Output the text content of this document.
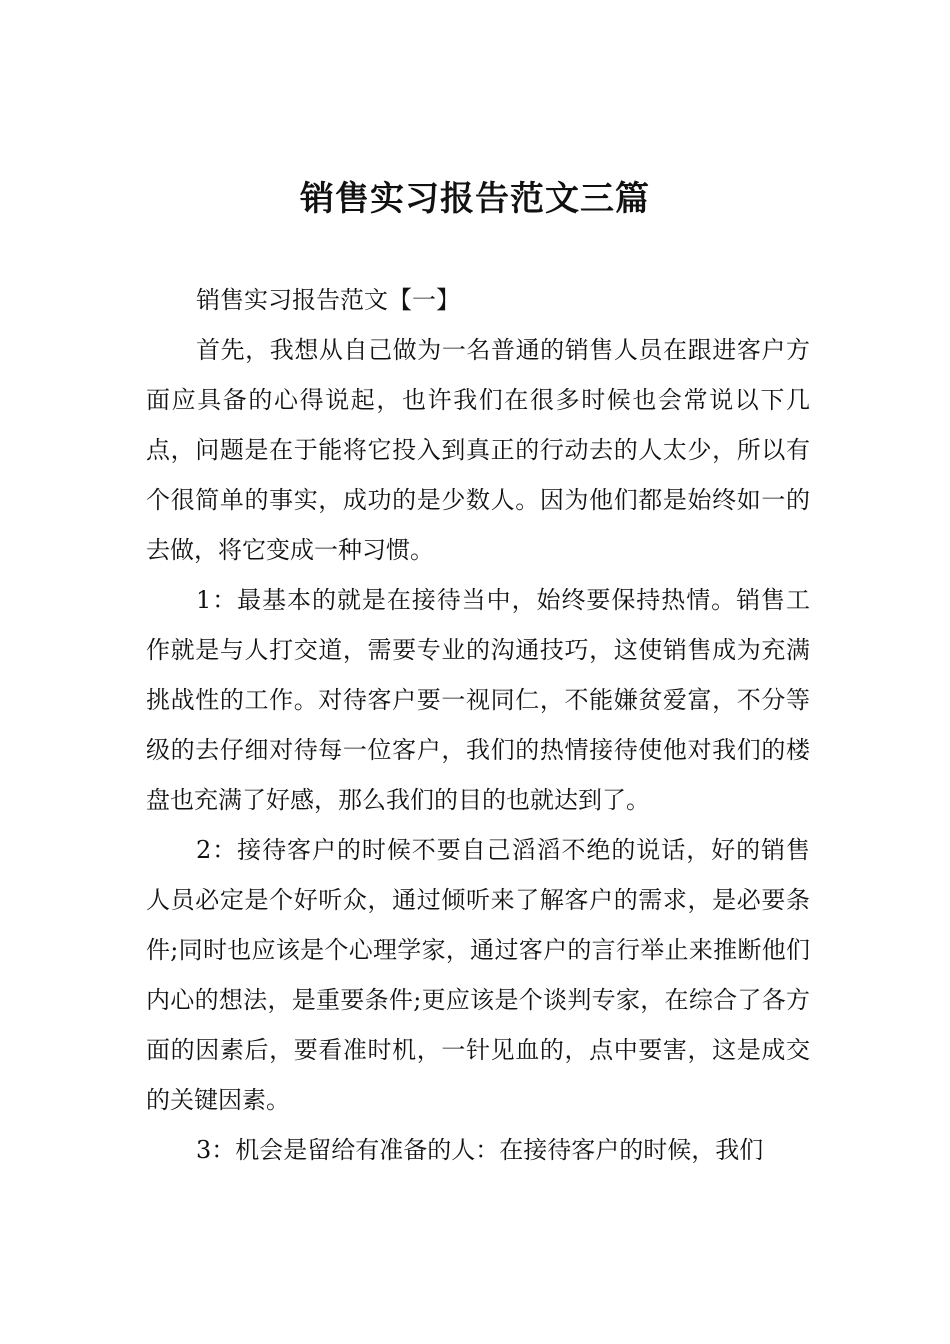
销售实习报告范文三篇

销售实习报告范文【一】

首先，我想从自己做为一名普通的销售人员在跟进客户方面应具备的心得说起，也许我们在很多时候也会常说以下几点，问题是在于能将它投入到真正的行动去的人太少，所以有个很简单的事实，成功的是少数人。因为他们都是始终如一的去做，将它变成一种习惯。

1：最基本的就是在接待当中，始终要保持热情。销售工作就是与人打交道，需要专业的沟通技巧，这使销售成为充满挑战性的工作。对待客户要一视同仁，不能嫌贫爱富，不分等级的去仔细对待每一位客户，我们的热情接待使他对我们的楼盘也充满了好感，那么我们的目的也就达到了。

2：接待客户的时候不要自己滔滔不绝的说话，好的销售人员必定是个好听众，通过倾听来了解客户的需求，是必要条件;同时也应该是个心理学家，通过客户的言行举止来推断他们内心的想法，是重要条件;更应该是个谈判专家，在综合了各方面的因素后，要看准时机，一针见血的，点中要害，这是成交的关键因素。

3：机会是留给有准备的人：在接待客户的时候，我们
